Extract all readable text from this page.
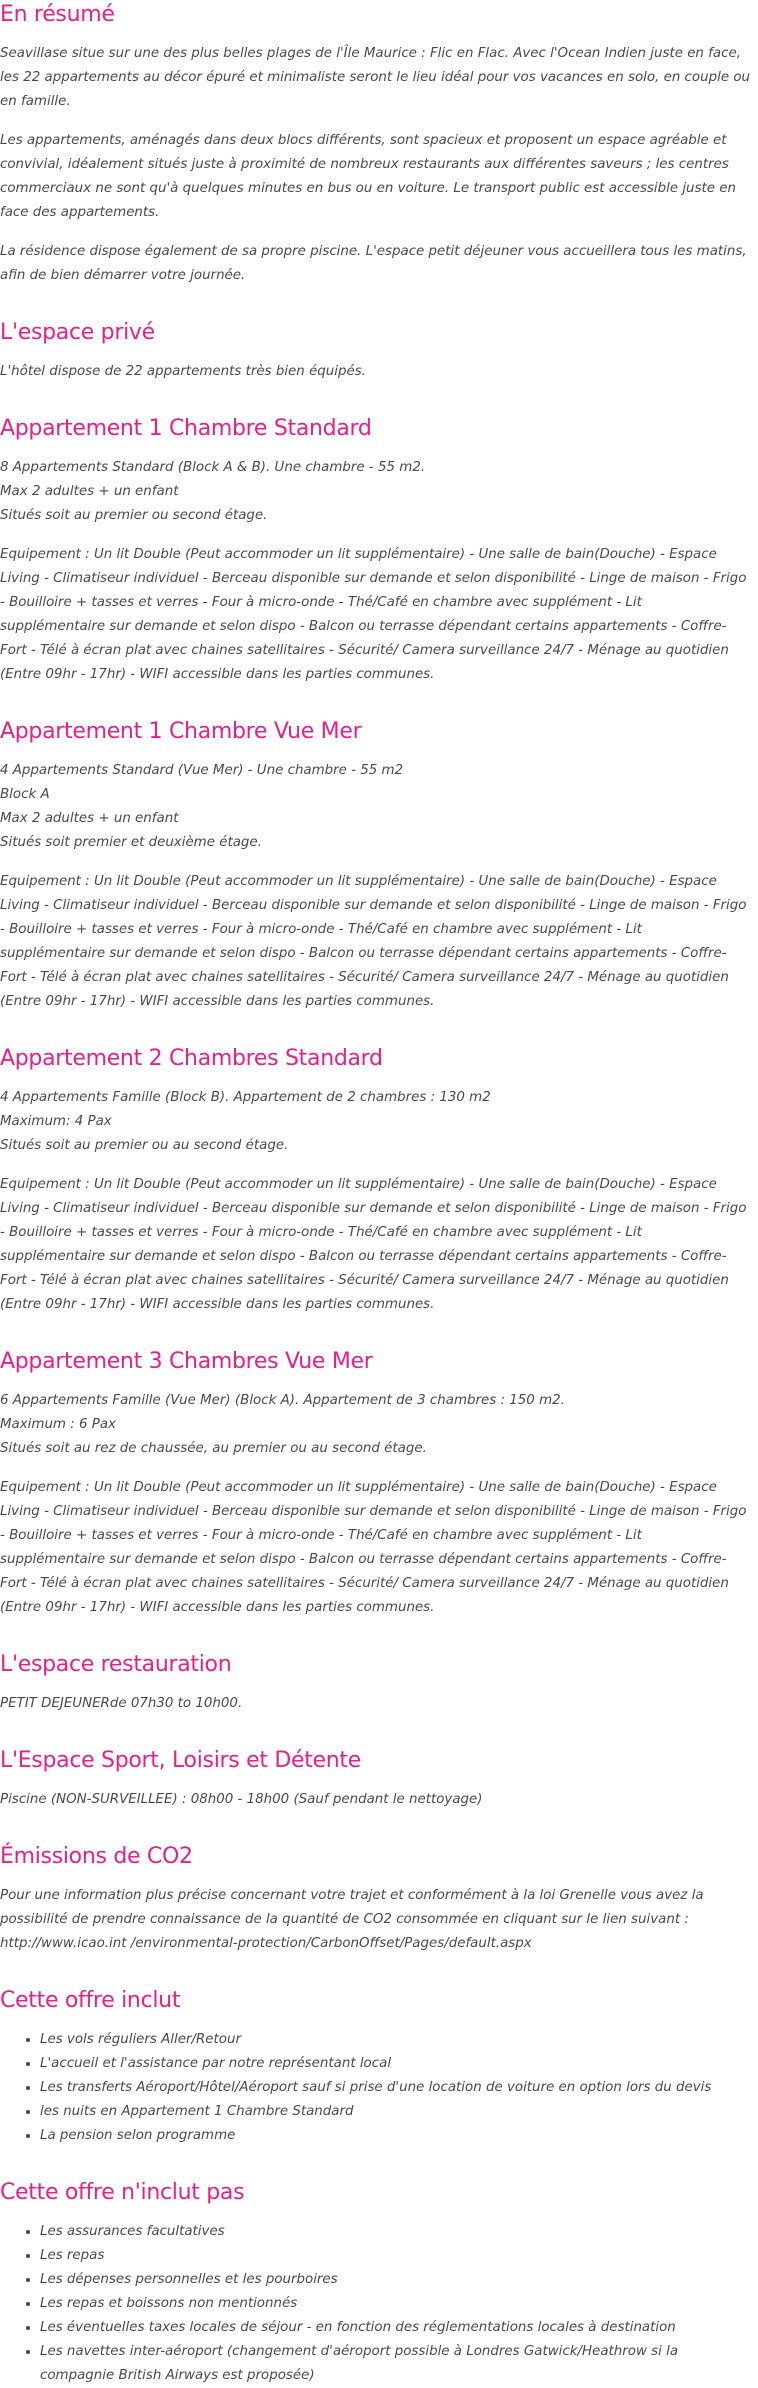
En résumé

Seavillase situe sur une des plus belles plages de l'Île Maurice : Flic en Flac. Avec l'Ocean Indien juste en face, les 22 appartements au décor épuré et minimaliste seront le lieu idéal pour vos vacances en solo, en couple ou en famille.

Les appartements, aménagés dans deux blocs différents, sont spacieux et proposent un espace agréable et convivial, idéalement situés juste à proximité de nombreux restaurants aux différentes saveurs ; les centres commerciaux ne sont qu'à quelques minutes en bus ou en voiture. Le transport public est accessible juste en face des appartements.

La résidence dispose également de sa propre piscine. L'espace petit déjeuner vous accueillera tous les matins, afin de bien démarrer votre journée.

L'espace privé

L'hôtel dispose de 22 appartements très bien équipés.

Appartement 1 Chambre Standard

8 Appartements Standard (Block A & B). Une chambre - 55 m2.
Max 2 adultes + un enfant
Situés soit au premier ou second étage.

Equipement : Un lit Double (Peut accommoder un lit supplémentaire) - Une salle de bain(Douche) - Espace Living - Climatiseur individuel - Berceau disponible sur demande et selon disponibilité - Linge de maison - Frigo - Bouilloire + tasses et verres - Four à micro-onde - Thé/Café en chambre avec supplément - Lit supplémentaire sur demande et selon dispo - Balcon ou terrasse dépendant certains appartements - Coffre-Fort - Télé à écran plat avec chaines satellitaires - Sécurité/ Camera surveillance 24/7 - Ménage au quotidien (Entre 09hr - 17hr) - WIFI accessible dans les parties communes.

Appartement 1 Chambre Vue Mer

4 Appartements Standard (Vue Mer) - Une chambre - 55 m2
Block A
Max 2 adultes + un enfant
Situés soit premier et deuxième étage.

Equipement : Un lit Double (Peut accommoder un lit supplémentaire) - Une salle de bain(Douche) - Espace Living - Climatiseur individuel - Berceau disponible sur demande et selon disponibilité - Linge de maison - Frigo - Bouilloire + tasses et verres - Four à micro-onde - Thé/Café en chambre avec supplément - Lit supplémentaire sur demande et selon dispo - Balcon ou terrasse dépendant certains appartements - Coffre-Fort - Télé à écran plat avec chaines satellitaires - Sécurité/ Camera surveillance 24/7 - Ménage au quotidien (Entre 09hr - 17hr) - WIFI accessible dans les parties communes.

Appartement 2 Chambres Standard

4 Appartements Famille (Block B). Appartement de 2 chambres : 130 m2
Maximum: 4 Pax
Situés soit au premier ou au second étage.

Equipement : Un lit Double (Peut accommoder un lit supplémentaire) - Une salle de bain(Douche) - Espace Living - Climatiseur individuel - Berceau disponible sur demande et selon disponibilité - Linge de maison - Frigo - Bouilloire + tasses et verres - Four à micro-onde - Thé/Café en chambre avec supplément - Lit supplémentaire sur demande et selon dispo - Balcon ou terrasse dépendant certains appartements - Coffre-Fort - Télé à écran plat avec chaines satellitaires - Sécurité/ Camera surveillance 24/7 - Ménage au quotidien (Entre 09hr - 17hr) - WIFI accessible dans les parties communes.

Appartement 3 Chambres Vue Mer

6 Appartements Famille (Vue Mer) (Block A). Appartement de 3 chambres : 150 m2.
Maximum : 6 Pax
Situés soit au rez de chaussée, au premier ou au second étage.

Equipement : Un lit Double (Peut accommoder un lit supplémentaire) - Une salle de bain(Douche) - Espace Living - Climatiseur individuel - Berceau disponible sur demande et selon disponibilité - Linge de maison - Frigo - Bouilloire + tasses et verres - Four à micro-onde - Thé/Café en chambre avec supplément - Lit supplémentaire sur demande et selon dispo - Balcon ou terrasse dépendant certains appartements - Coffre-Fort - Télé à écran plat avec chaines satellitaires - Sécurité/ Camera surveillance 24/7 - Ménage au quotidien (Entre 09hr - 17hr) - WIFI accessible dans les parties communes.

L'espace restauration

PETIT DEJEUNERde 07h30 to 10h00.

L'Espace Sport, Loisirs et Détente

Piscine (NON-SURVEILLEE) : 08h00 - 18h00 (Sauf pendant le nettoyage)

Émissions de CO2

Pour une information plus précise concernant votre trajet et conformément à la loi Grenelle vous avez la possibilité de prendre connaissance de la quantité de CO2 consommée en cliquant sur le lien suivant : http://www.icao.int /environmental-protection/CarbonOffset/Pages/default.aspx

Cette offre inclut
• Les vols réguliers Aller/Retour
• L'accueil et l'assistance par notre représentant local
• Les transferts Aéroport/Hôtel/Aéroport sauf si prise d'une location de voiture en option lors du devis
• les nuits en Appartement 1 Chambre Standard
• La pension selon programme
Cette offre n'inclut pas
• Les assurances facultatives
• Les repas
• Les dépenses personnelles et les pourboires
• Les repas et boissons non mentionnés
• Les éventuelles taxes locales de séjour - en fonction des réglementations locales à destination
• Les navettes inter-aéroport (changement d'aéroport possible à Londres Gatwick/Heathrow si la compagnie British Airways est proposée)
